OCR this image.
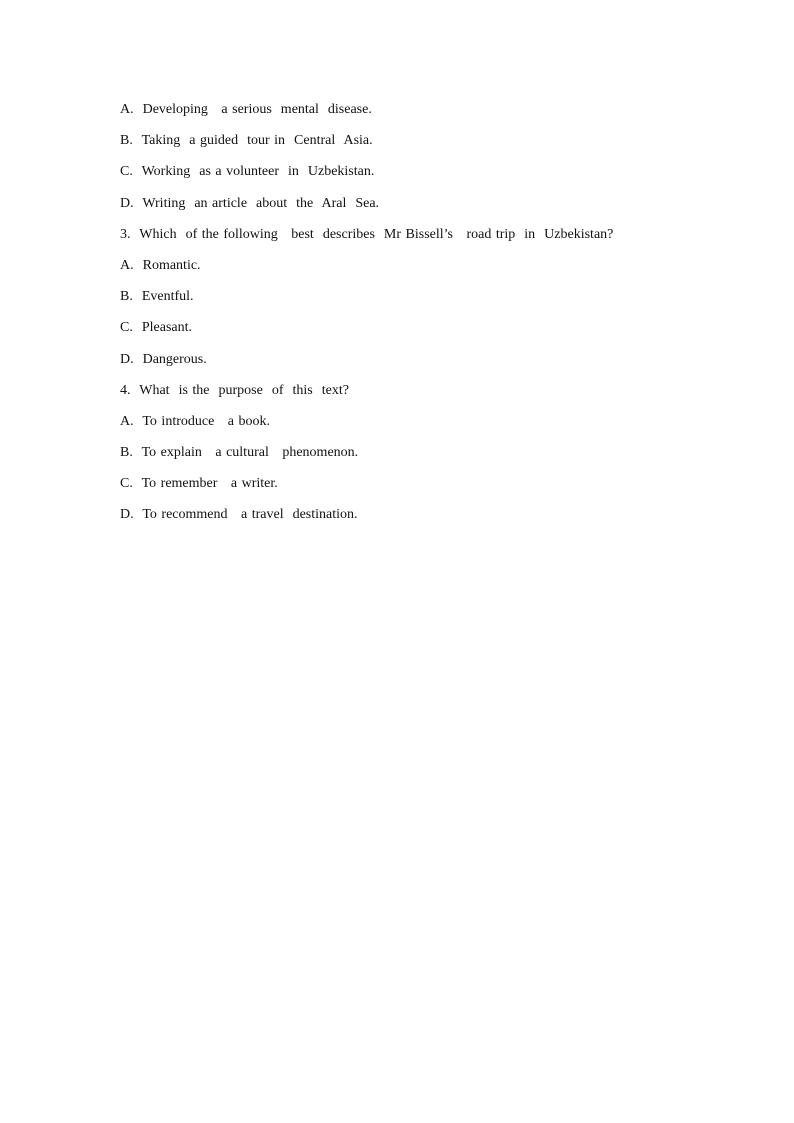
A.  Developing   a serious  mental  disease.
B.  Taking  a guided  tour in  Central  Asia.
C.  Working  as a volunteer  in  Uzbekistan.
D.  Writing  an article  about  the  Aral  Sea.
3.  Which  of the following   best  describes  Mr Bissell’s   road trip  in  Uzbekistan?
A.  Romantic.
B.  Eventful.
C.  Pleasant.
D.  Dangerous.
4.  What  is the  purpose  of  this  text?
A.  To introduce   a book.
B.  To explain   a cultural   phenomenon.
C.  To remember   a writer.
D.  To recommend   a travel  destination.
